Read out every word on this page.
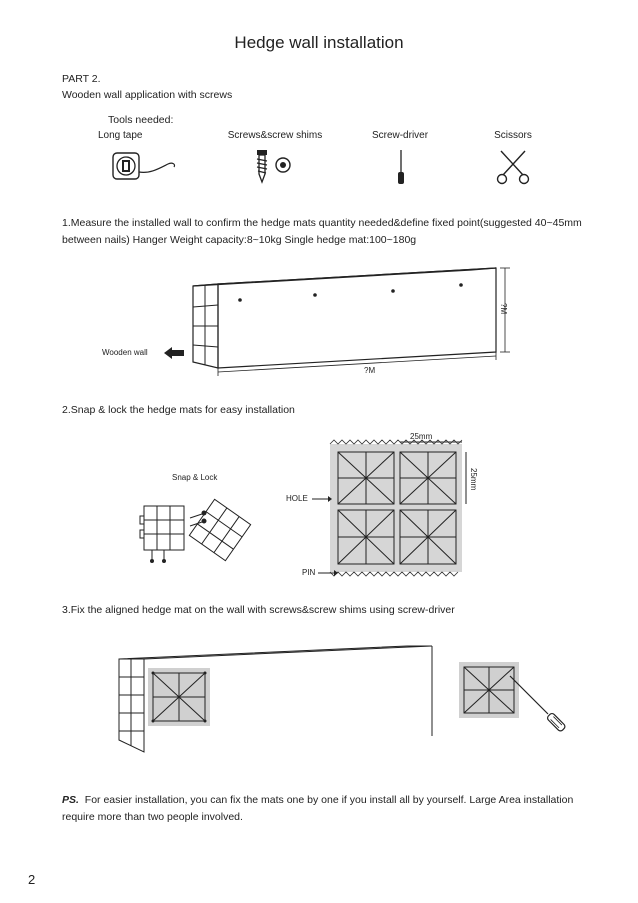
Hedge wall installation
PART 2.
Wooden wall application with screws
Tools needed:
Long tape	Screws&screw shims	Screw-driver	Scissors
1.Measure the installed wall to confirm the hedge mats quantity needed&define fixed point(suggested 40~45mm
between nails) Hanger Weight capacity:8~10kg Single hedge mat:100~180g
Wooden wall
?M
?M
2.Snap & lock the hedge mats for easy installation
Snap & Lock
25mm
25mm
HOLE
PIN
3.Fix the aligned hedge mat on the wall with screws&screw shims using screw-driver
PS. For easier installation, you can fix the mats one by one if you install all by yourself. Large Area installation
require more than two people involved.
2
